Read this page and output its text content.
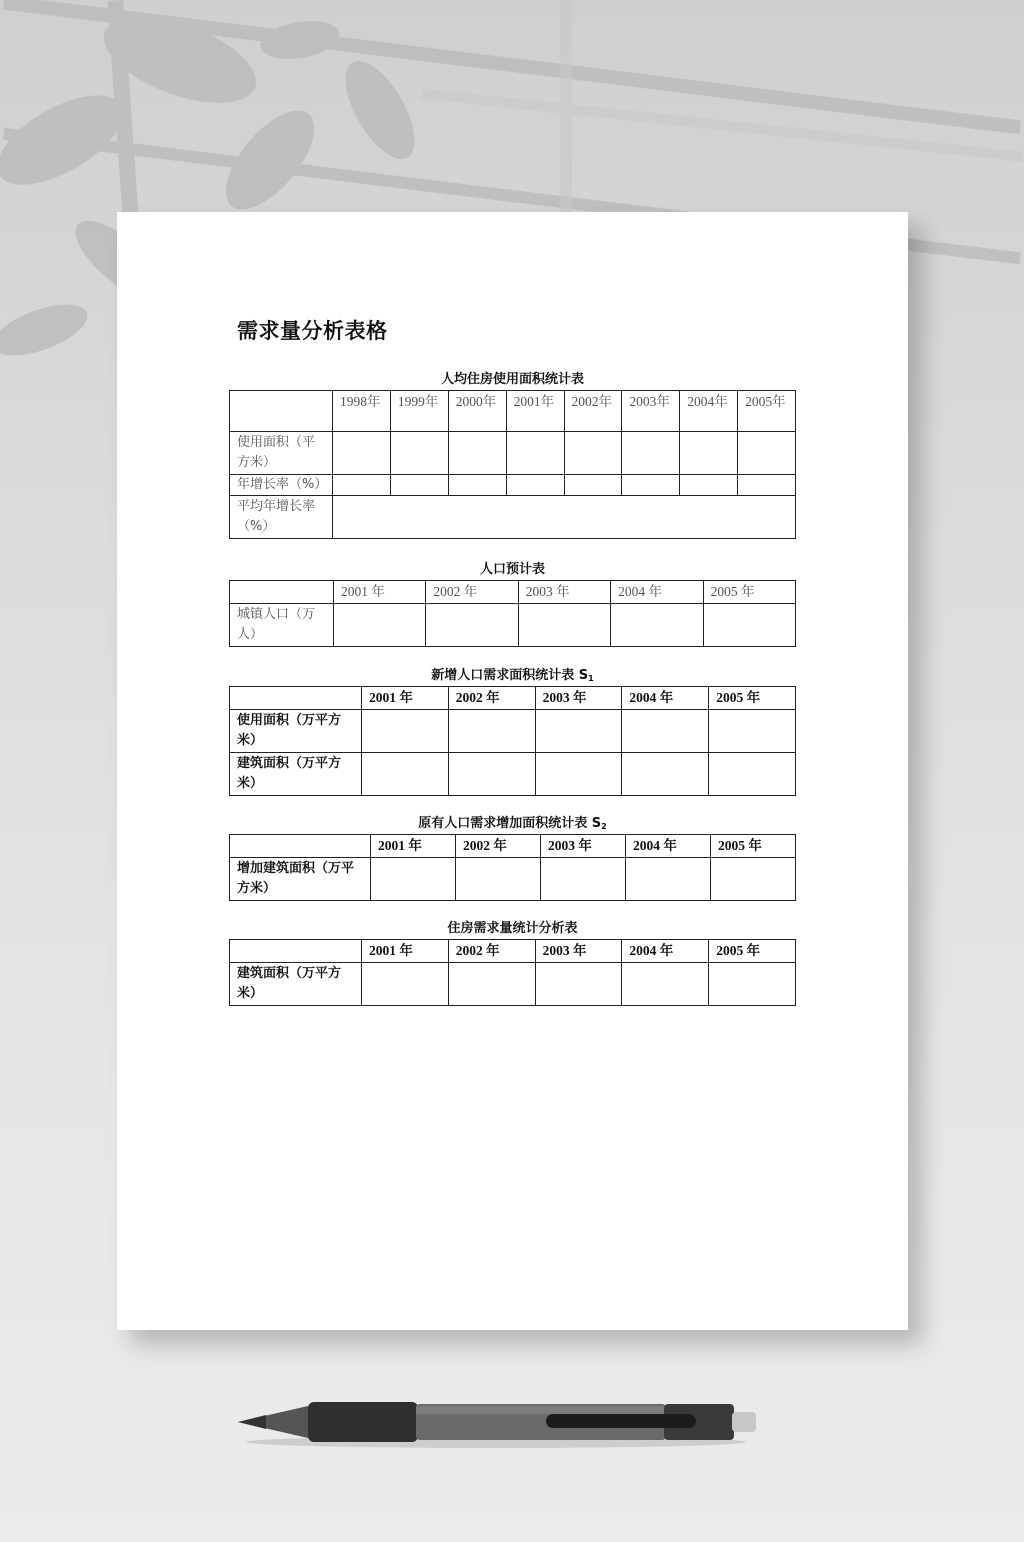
需求量分析表格
人均住房使用面积统计表
	1998年	1999年	2000年	2001年	2002年	2003年	2004年	2005年
使用面积（平方米）								
年增长率（%）								
平均年增长率（%）								
人口预计表
	2001 年	2002 年	2003 年	2004 年	2005 年
城镇人口（万人）					
新增人口需求面积统计表 $S_1$
	2001 年	2002 年	2003 年	2004 年	2005 年
使用面积（万平方米）					
建筑面积（万平方米）					
原有人口需求增加面积统计表 $S_2$
	2001 年	2002 年	2003 年	2004 年	2005 年
增加建筑面积（万平方米）					
住房需求量统计分析表
	2001 年	2002 年	2003 年	2004 年	2005 年
建筑面积（万平方米）					
